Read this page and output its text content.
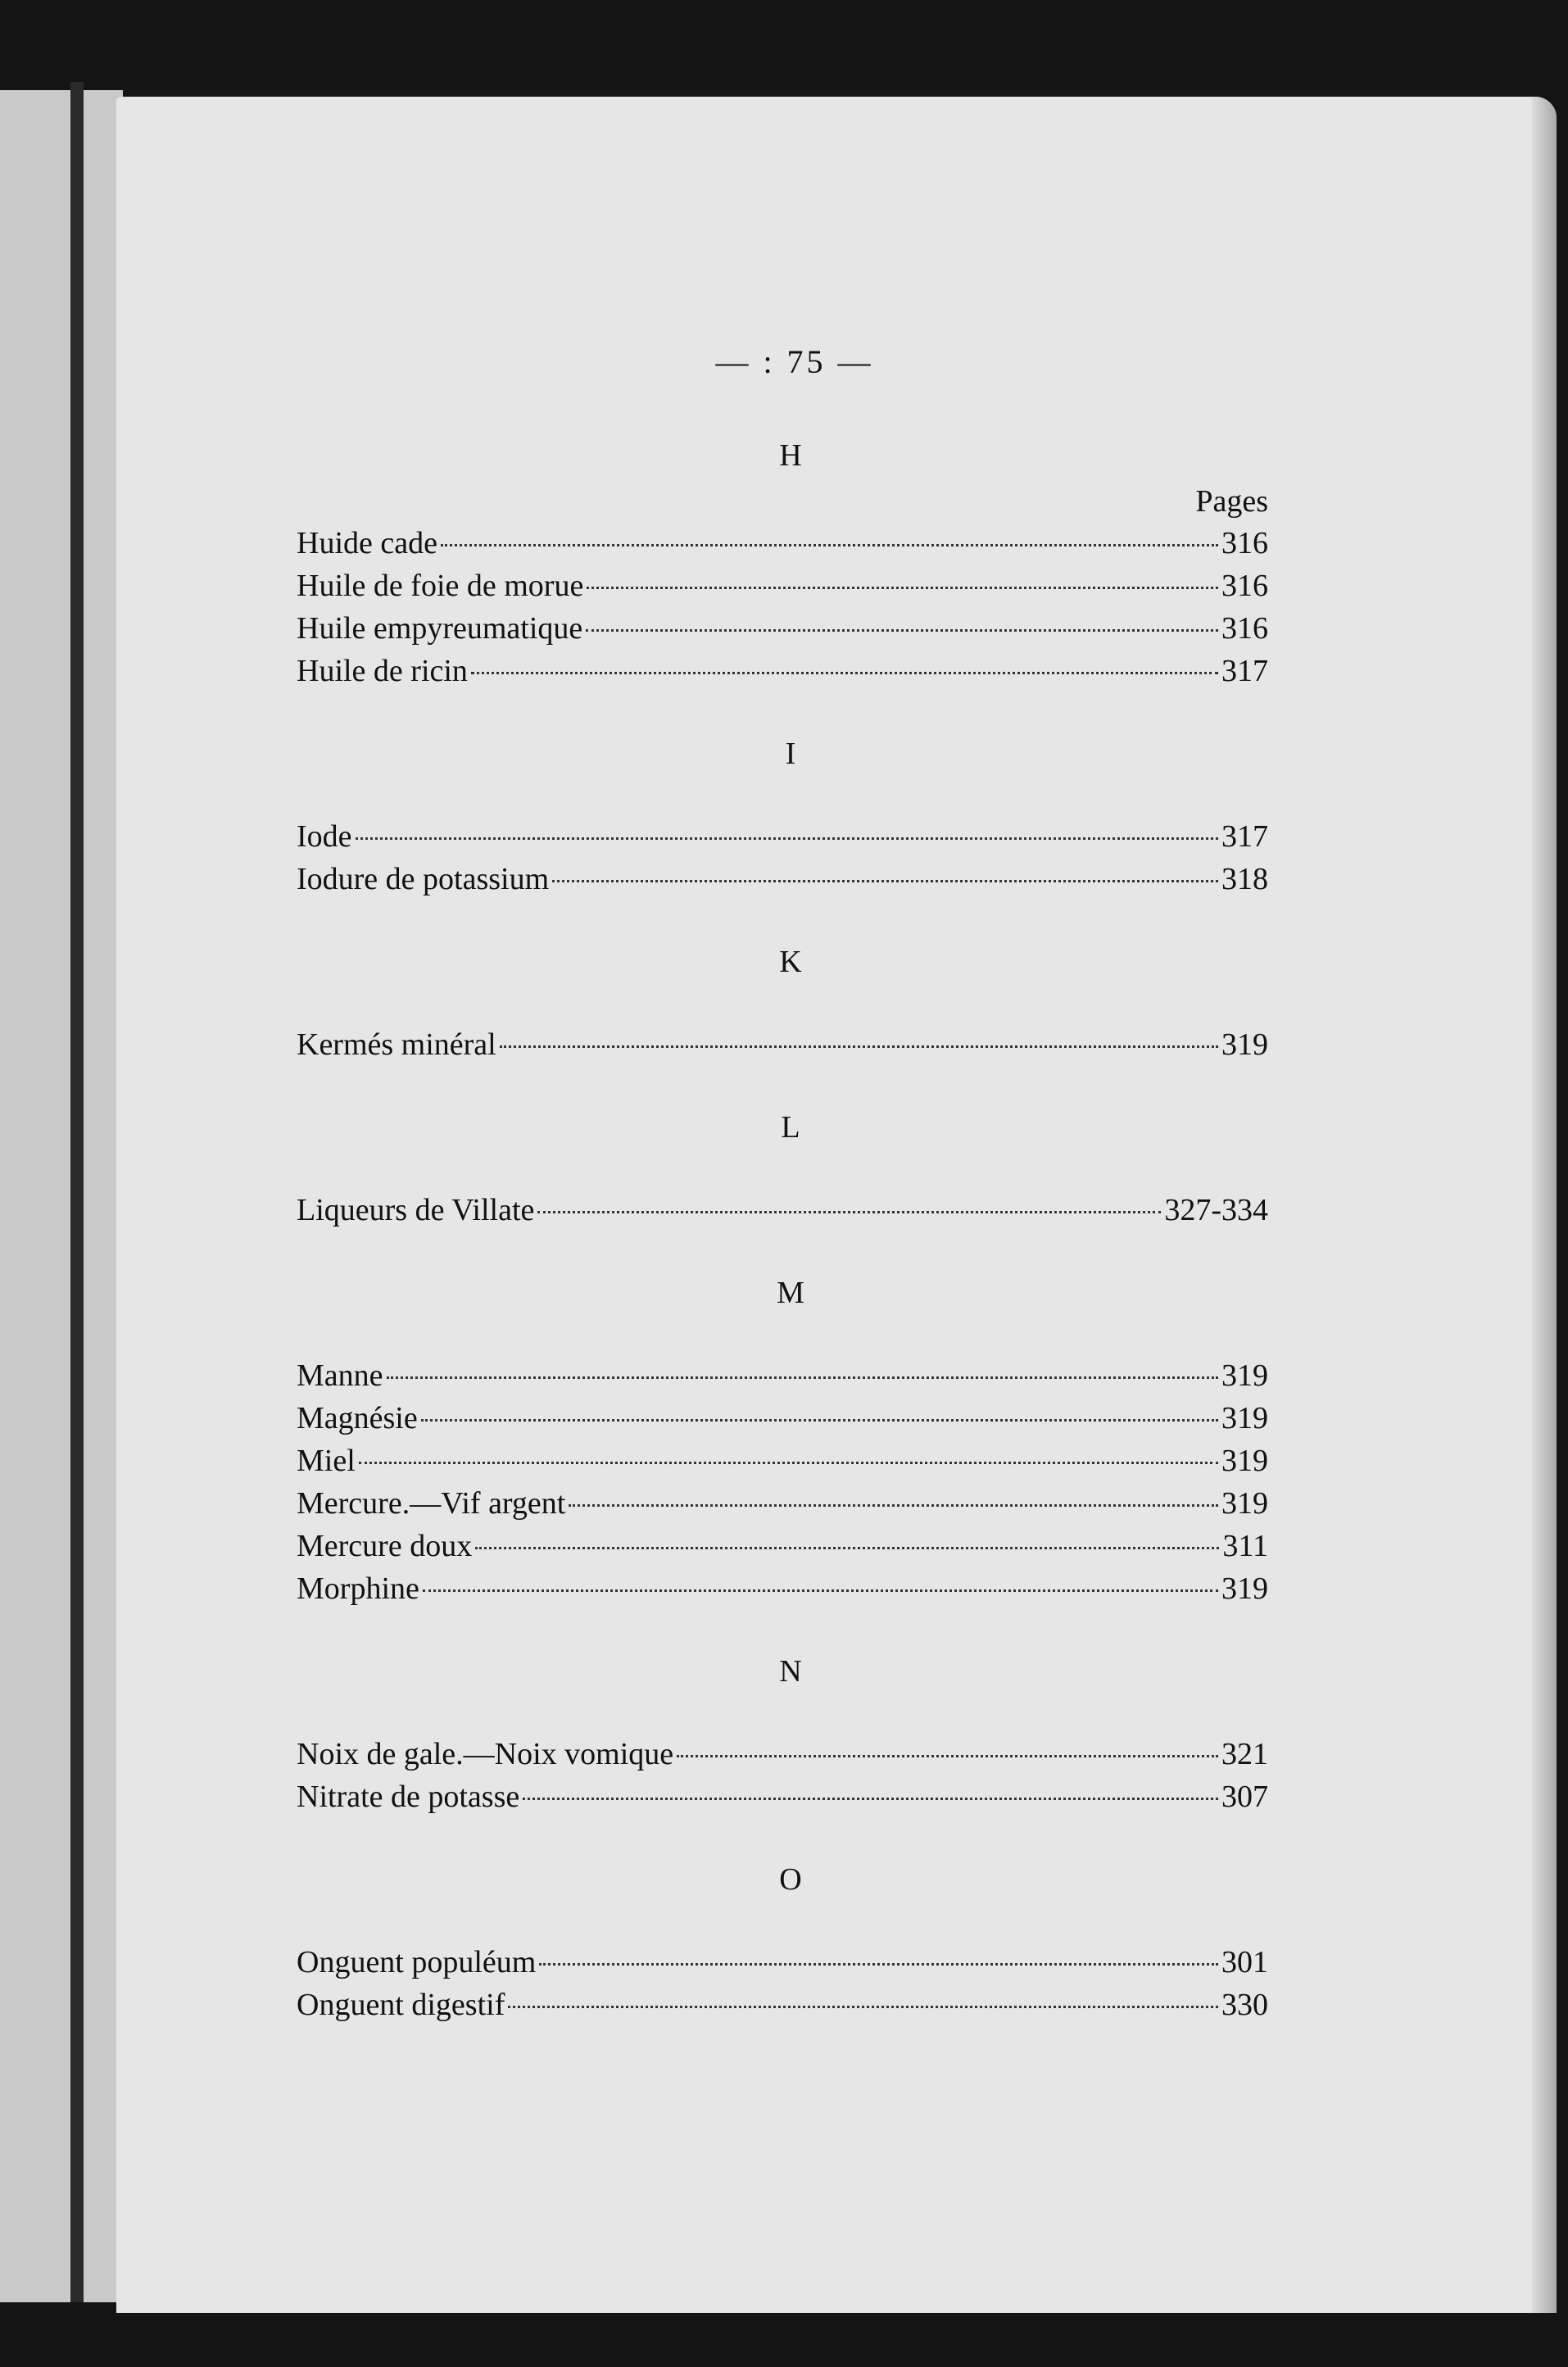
— : 75 —
H
Pages
Huide cade	316
Huile de foie de morue	316
Huile empyreumatique	316
Huile de ricin	317
I
Iode	317
Iodure de potassium	318
K
Kermés minéral	319
L
Liqueurs de Villate	327-334
M
Manne	319
Magnésie	319
Miel	319
Mercure.—Vif argent	319
Mercure doux	311
Morphine	319
N
Noix de gale.—Noix vomique	321
Nitrate de potasse	307
O
Onguent populéum	301
Onguent digestif	330
